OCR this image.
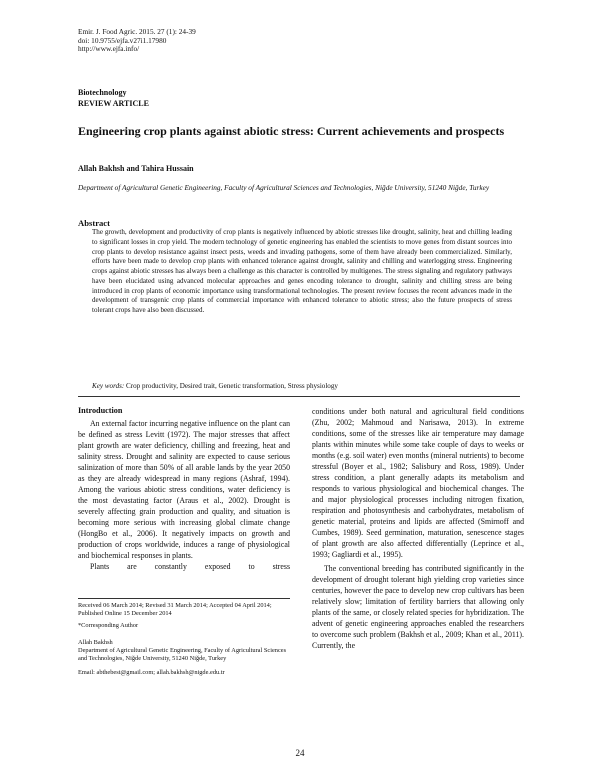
Emir. J. Food Agric. 2015. 27 (1): 24-39
doi: 10.9755/ejfa.v27i1.17980
http://www.ejfa.info/
Biotechnology
REVIEW ARTICLE
Engineering crop plants against abiotic stress: Current achievements and prospects
Allah Bakhsh and Tahira Hussain
Department of Agricultural Genetic Engineering, Faculty of Agricultural Sciences and Technologies, Niğde University, 51240 Niğde, Turkey
Abstract
The growth, development and productivity of crop plants is negatively influenced by abiotic stresses like drought, salinity, heat and chilling leading to significant losses in crop yield. The modern technology of genetic engineering has enabled the scientists to move genes from distant sources into crop plants to develop resistance against insect pests, weeds and invading pathogens, some of them have already been commercialized. Similarly, efforts have been made to develop crop plants with enhanced tolerance against drought, salinity and chilling and waterlogging stress. Engineering crops against abiotic stresses has always been a challenge as this character is controlled by multigenes. The stress signaling and regulatory pathways have been elucidated using advanced molecular approaches and genes encoding tolerance to drought, salinity and chilling stress are being introduced in crop plants of economic importance using transformational technologies. The present review focuses the recent advances made in the development of transgenic crop plants of commercial importance with enhanced tolerance to abiotic stress; also the future prospects of stress tolerant crops have also been discussed.
Key words: Crop productivity, Desired trait, Genetic transformation, Stress physiology
Introduction

An external factor incurring negative influence on the plant can be defined as stress Levitt (1972). The major stresses that affect plant growth are water deficiency, chilling and freezing, heat and salinity stress. Drought and salinity are expected to cause serious salinization of more than 50% of all arable lands by the year 2050 as they are already widespread in many regions (Ashraf, 1994). Among the various abiotic stress conditions, water deficiency is the most devastating factor (Araus et al., 2002). Drought is severely affecting grain production and quality, and situation is becoming more serious with increasing global climate change (HongBo et al., 2006). It negatively impacts on growth and production of crops worldwide, induces a range of physiological and biochemical responses in plants.

Plants are constantly exposed to stress

Received 06 March 2014; Revised 31 March 2014; Accepted 04 April 2014; Published Online 15 December 2014
*Corresponding Author
Allah Bakhsh
Department of Agricultural Genetic Engineering, Faculty of Agricultural Sciences and Technologies, Niğde University, 51240 Niğde, Turkey
Email: abthebest@gmail.com; allah.bakhsh@nigde.edu.tr

conditions under both natural and agricultural field conditions (Zhu, 2002; Mahmoud and Narisawa, 2013). In extreme conditions, some of the stresses like air temperature may damage plants within minutes while some take couple of days to weeks or months (e.g. soil water) even months (mineral nutrients) to become stressful (Boyer et al., 1982; Salisbury and Ross, 1989). Under stress condition, a plant generally adapts its metabolism and responds to various physiological and biochemical changes. The and major physiological processes including nitrogen fixation, respiration and photosynthesis and carbohydrates, metabolism of genetic material, proteins and lipids are affected (Smirnoff and Cumbes, 1989). Seed germination, maturation, senescence stages of plant growth are also affected differentially (Leprince et al., 1993; Gagliardi et al., 1995).

The conventional breeding has contributed significantly in the development of drought tolerant high yielding crop varieties since centuries, however the pace to develop new crop cultivars has been relatively slow; limitation of fertility barriers that allowing only plants of the same, or closely related species for hybridization. The advent of genetic engineering approaches enabled the researchers to overcome such problem (Bakhsh et al., 2009; Khan et al., 2011). Currently, the

24
